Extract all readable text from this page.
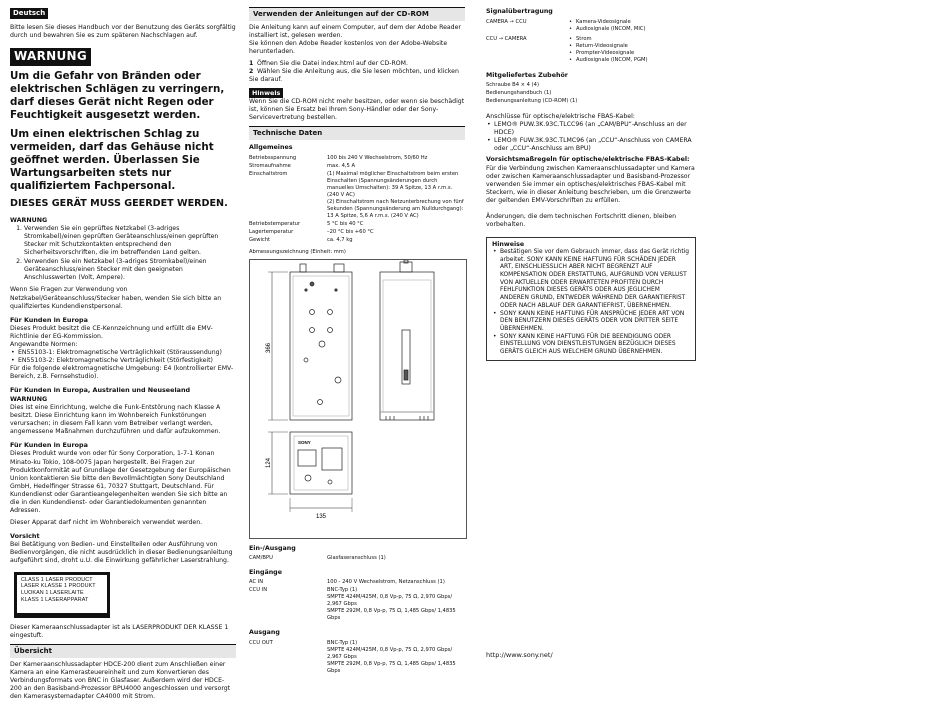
Deutsch

Bitte lesen Sie dieses Handbuch vor der Benutzung des Geräts sorgfältig durch und bewahren Sie es zum späteren Nachschlagen auf.

WARNUNG
Um die Gefahr von Bränden oder elektrischen Schlägen zu verringern, darf dieses Gerät nicht Regen oder Feuchtigkeit ausgesetzt werden.
Um einen elektrischen Schlag zu vermeiden, darf das Gehäuse nicht geöffnet werden. Überlassen Sie Wartungsarbeiten stets nur qualifiziertem Fachpersonal.
DIESES GERÄT MUSS GEERDET WERDEN.
WARNUNG
1. Verwenden Sie ein geprüftes Netzkabel (3-adriges Stromkabel)/einen geprüften Geräteanschluss/einen geprüften Stecker mit Schutzkontakten entsprechend den Sicherheitsvorschriften, die im betreffenden Land gelten.
2. Verwenden Sie ein Netzkabel (3-adriges Stromkabel)/einen Geräteanschluss/einen Stecker mit den geeigneten Anschlusswerten (Volt, Ampere).

Wenn Sie Fragen zur Verwendung von Netzkabel/Geräteanschluss/Stecker haben, wenden Sie sich bitte an qualifiziertes Kundendienstpersonal.

Für Kunden in Europa
Dieses Produkt besitzt die CE-Kennzeichnung und erfüllt die EMV-Richtlinie der EG-Kommission.
Angewandte Normen:
• EN55103-1: Elektromagnetische Verträglichkeit (Störaussendung)
• EN55103-2: Elektromagnetische Verträglichkeit (Störfestigkeit)

Für die folgende elektromagnetische Umgebung: E4 (kontrollierter EMV-Bereich, z.B. Fernsehstudio).

Für Kunden in Europa, Australien und Neuseeland
WARNUNG

Dies ist eine Einrichtung, welche die Funk-Entstörung nach Klasse A besitzt. Diese Einrichtung kann im Wohnbereich Funkstörungen verursachen; in diesem Fall kann vom Betreiber verlangt werden, angemessene Maßnahmen durchzuführen und dafür aufzukommen.

Für Kunden in Europa

Dieses Produkt wurde von oder für Sony Corporation, 1-7-1 Konan Minato-ku Tokio, 108-0075 Japan hergestellt. Bei Fragen zur Produktkonformität auf Grundlage der Gesetzgebung der Europäischen Union kontaktieren Sie bitte den Bevollmächtigten Sony Deutschland GmbH, Hedelfinger Strasse 61, 70327 Stuttgart, Deutschland. Für Kundendienst oder Garantieangelegenheiten wenden Sie sich bitte an die in den Kundendienst- oder Garantiedokumenten genannten Adressen.

Dieser Apparat darf nicht im Wohnbereich verwendet werden.

Vorsicht

Bei Betätigung von Bedien- und Einstellteilen oder Ausführung von Bedienvorgängen, die nicht ausdrücklich in dieser Bedienungsanleitung aufgeführt sind, droht u.U. die Einwirkung gefährlicher Laserstrahlung.

CLASS 1 LASER PRODUCT
LASER KLASSE 1 PRODUKT
LUOKAN 1 LASERLAITE
KLASS 1 LASERAPPARAT

Dieser Kameraanschlussadapter ist als LASERPRODUKT DER KLASSE 1 eingestuft.

Übersicht

Der Kameraanschlussadapter HDCE-200 dient zum Anschließen einer Kamera an eine Kamerasteuereinheit und zum Konvertieren des Verbindungsformats von BNC in Glasfaser. Außerdem wird der HDCE-200 an den Basisband-Prozessor BPU4000 angeschlossen und versorgt den Kamerasystemadapter CA4000 mit Strom.

Verwenden der Anleitungen auf der CD-ROM
Die Anleitung kann auf einem Computer, auf dem der Adobe Reader installiert ist, gelesen werden.

Sie können den Adobe Reader kostenlos von der Adobe-Website herunterladen.

1 Öffnen Sie die Datei index.html auf der CD-ROM.
2 Wählen Sie die Anleitung aus, die Sie lesen möchten, und klicken Sie darauf.
Hinweis

Wenn Sie die CD-ROM nicht mehr besitzen, oder wenn sie beschädigt ist, können Sie Ersatz bei Ihrem Sony-Händler oder der Sony-Servicevertretung bestellen.

Technische Daten
Allgemeines
Betriebsspannung	100 bis 240 V Wechselstrom, 50/60 Hz
Stromaufnahme	max. 4,5 A
Einschaltstrom	(1) Maximal möglicher Einschaltstrom beim ersten Einschalten (Spannungsänderungen durch manuelles Umschalten): 39 A Spitze, 13 A r.m.s. (240 V AC)
(2) Einschaltstrom nach Netzunterbrechung von fünf Sekunden (Spannungsänderung am Nulldurchgang): 13 A Spitze, 5,6 A r.m.s. (240 V AC)
Betriebstemperatur	5 °C bis 40 °C
Lagertemperatur	–20 °C bis +60 °C
Gewicht	ca. 4,7 kg
Abmessungszeichnung (Einheit: mm)
366
124
135
SONY
Ein-/Ausgang
CAM/BPU	Glasfaseranschluss (1)
Eingänge
AC IN	100 - 240 V Wechselstrom, Netzanschluss (1)
CCU IN	BNC-Typ (1)
SMPTE 424M/425M, 0,8 Vp-p, 75 Ω, 2,970 Gbps/ 2,967 Gbps
SMPTE 292M, 0,8 Vp-p, 75 Ω, 1,485 Gbps/ 1,4835 Gbps
Ausgang
CCU OUT	BNC-Typ (1)
SMPTE 424M/425M, 0,8 Vp-p, 75 Ω, 2,970 Gbps/ 2,967 Gbps
SMPTE 292M, 0,8 Vp-p, 75 Ω, 1,485 Gbps/ 1,4835 Gbps
Signalübertragung
CAMERA → CCU	• Kamera-Videosignale
• Audiosignale (INCOM, MIC)
CCU → CAMERA	• Strom
• Return-Videosignale
• Prompter-Videosignale
• Audiosignale (INCOM, PGM)
Mitgeliefertes Zubehör
Schraube B4 × 4 (4)
Bedienungshandbuch (1)
Bedienungsanleitung (CD-ROM) (1)
Anschlüsse für optische/elektrische FBAS-Kabel:
• LEMO® PUW.3K.93C.TLCC96 (an „CAM/BPU“-Anschluss an der HDCE)
• LEMO® FUW.3K.93C.TLMC96 (an „CCU“-Anschluss von CAMERA oder „CCU“-Anschluss am BPU)
Vorsichtsmaßregeln für optische/elektrische FBAS-Kabel:

Für die Verbindung zwischen Kameraanschlussadapter und Kamera oder zwischen Kameraanschlussadapter und Basisband-Prozessor verwenden Sie immer ein optisches/elektrisches FBAS-Kabel mit Steckern, wie in dieser Anleitung beschrieben, um die Grenzwerte der geltenden EMV-Vorschriften zu erfüllen.

Änderungen, die dem technischen Fortschritt dienen, bleiben vorbehalten.

Hinweise
• Bestätigen Sie vor dem Gebrauch immer, dass das Gerät richtig arbeitet. SONY KANN KEINE HAFTUNG FÜR SCHÄDEN JEDER ART, EINSCHLIESSLICH ABER NICHT BEGRENZT AUF KOMPENSATION ODER ERSTATTUNG, AUFGRUND VON VERLUST VON AKTUELLEN ODER ERWARTETEN PROFITEN DURCH FEHLFUNKTION DIESES GERÄTS ODER AUS JEGLICHEM ANDEREN GRUND, ENTWEDER WÄHREND DER GARANTIEFRIST ODER NACH ABLAUF DER GARANTIEFRIST, ÜBERNEHMEN.
• SONY KANN KEINE HAFTUNG FÜR ANSPRÜCHE JEDER ART VON DEN BENUTZERN DIESES GERÄTS ODER VON DRITTER SEITE ÜBERNEHMEN.
• SONY KANN KEINE HAFTUNG FÜR DIE BEENDIGUNG ODER EINSTELLUNG VON DIENSTLEISTUNGEN BEZÜGLICH DIESES GERÄTS GLEICH AUS WELCHEM GRUND ÜBERNEHMEN.
http://www.sony.net/
